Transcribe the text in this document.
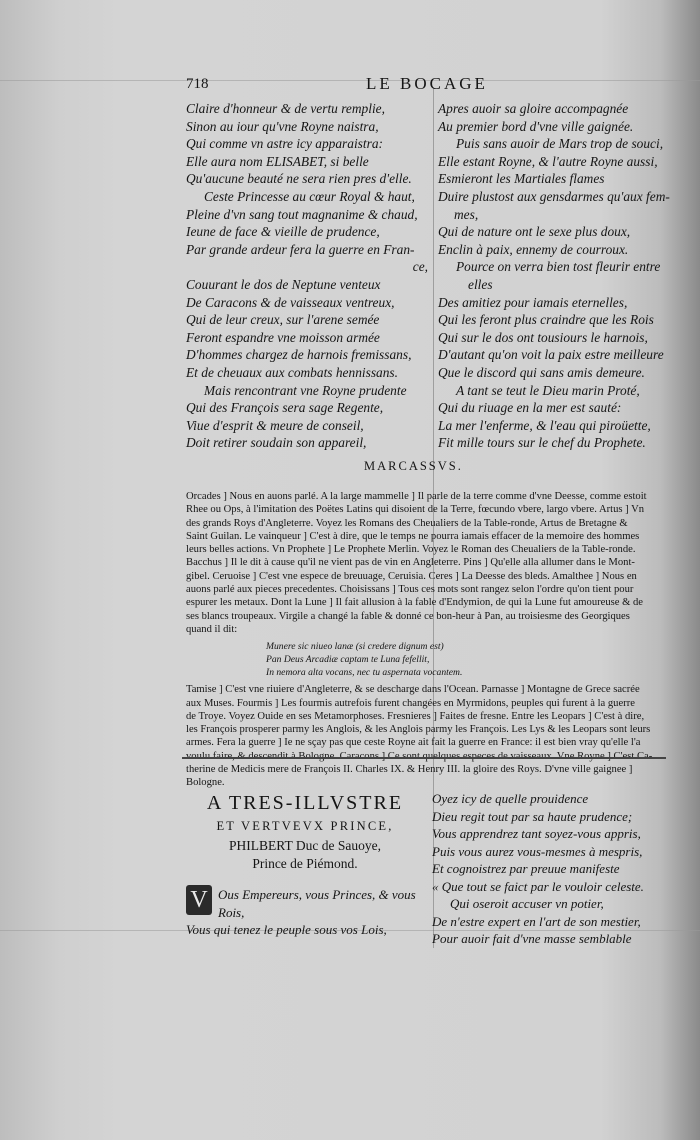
718	LE BOCAGE
Claire d'honneur & de vertu remplie,
Sinon au iour qu'vne Royne naistra,
Qui comme vn astre icy apparaistra:
Elle aura nom ELISABET, si belle
Qu'aucune beauté ne sera rien pres d'elle.
Ceste Princesse au cœur Royal & haut,
Pleine d'vn sang tout magnanime & chaud,
Ieune de face & vieille de prudence,
Par grande ardeur fera la guerre en Fran-
ce,
Couurant le dos de Neptune venteux
De Caracons & de vaisseaux ventreux,
Qui de leur creux, sur l'arene semée
Feront espandre vne moisson armée
D'hommes chargez de harnois fremissans,
Et de cheuaux aux combats hennissans.
Mais rencontrant vne Royne prudente
Qui des François sera sage Regente,
Viue d'esprit & meure de conseil,
Doit retirer soudain son appareil,
Apres auoir sa gloire accompagnée
Au premier bord d'vne ville gaignée.
Puis sans auoir de Mars trop de souci,
Elle estant Royne, & l'autre Royne aussi,
Esmieront les Martiales flames
Duire plustost aux gensdarmes qu'aux fem-
mes,
Qui de nature ont le sexe plus doux,
Enclin à paix, ennemy de courroux.
Pource on verra bien tost fleurir entre
elles
Des amitiez pour iamais eternelles,
Qui les feront plus craindre que les Rois
Qui sur le dos ont tousiours le harnois,
D'autant qu'on voit la paix estre meilleure
Que le discord qui sans amis demeure.
A tant se teut le Dieu marin Proté,
Qui du riuage en la mer est sauté:
La mer l'enferme, & l'eau qui piroüette,
Fit mille tours sur le chef du Prophete.
MARCASSVS.

Orcades ] Nous en auons parlé. A la large mammelle ] Il parle de la terre comme d'vne Deesse, comme estoit

Rhee ou Ops, à l'imitation des Poëtes Latins qui disoient de la Terre, fœcundo vbere, largo vbere. Artus ] Vn

des grands Roys d'Angleterre. Voyez les Romans des Cheualiers de la Table-ronde, Artus de Bretagne &

Saint Guilan. Le vainqueur ] C'est à dire, que le temps ne pourra iamais effacer de la memoire des hommes

leurs belles actions. Vn Prophete ] Le Prophete Merlin. Voyez le Roman des Cheualiers de la Table-ronde.

Bacchus ] Il le dit à cause qu'il ne vient pas de vin en Angleterre. Pins ] Qu'elle alla allumer dans le Mont-

gibel. Ceruoise ] C'est vne espece de breuuage, Ceruisia. Ceres ] La Deesse des bleds. Amalthee ] Nous en

auons parlé aux pieces precedentes. Choisissans ] Tous ces mots sont rangez selon l'ordre qu'on tient pour

espurer les metaux. Dont la Lune ] Il fait allusion à la fable d'Endymion, de qui la Lune fut amoureuse & de

ses blancs troupeaux. Virgile a changé la fable & donné ce bon-heur à Pan, au troisiesme des Georgiques

quand il dit:

Munere sic niueo lanæ (si credere dignum est)

Pan Deus Arcadiæ captam te Luna fefellit,

In nemora alta vocans, nec tu aspernata vocantem.

Tamise ] C'est vne riuiere d'Angleterre, & se descharge dans l'Ocean. Parnasse ] Montagne de Grece sacrée

aux Muses. Fourmis ] Les fourmis autrefois furent changées en Myrmidons, peuples qui furent à la guerre

de Troye. Voyez Ouide en ses Metamorphoses. Fresnieres ] Faites de fresne. Entre les Leopars ] C'est à dire,

les François prosperer parmy les Anglois, & les Anglois parmy les François. Les Lys & les Leopars sont leurs

armes. Fera la guerre ] Ie ne sçay pas que ceste Royne ait fait la guerre en France: il est bien vray qu'elle l'a

therine de Medicis mere de François II. Charles IX. & Henry III. la gloire des Roys. D'vne ville gaignee ]

Bologne.

A TRES-ILLVSTRE
ET VERTVEVX PRINCE,
PHILBERT Duc de Sauoye,
Prince de Piémond.
V Ous Empereurs, vous Princes, & vous
Rois,
Vous qui tenez le peuple sous vos Lois,
Oyez icy de quelle prouidence
Dieu regit tout par sa haute prudence;
Vous apprendrez tant soyez-vous appris,
Puis vous aurez vous-mesmes à mespris,
Et cognoistrez par preuue manifeste
« Que tout se faict par le vouloir celeste.
Qui oseroit accuser vn potier,
De n'estre expert en l'art de son mestier,
Pour auoir fait d'vne masse semblable
